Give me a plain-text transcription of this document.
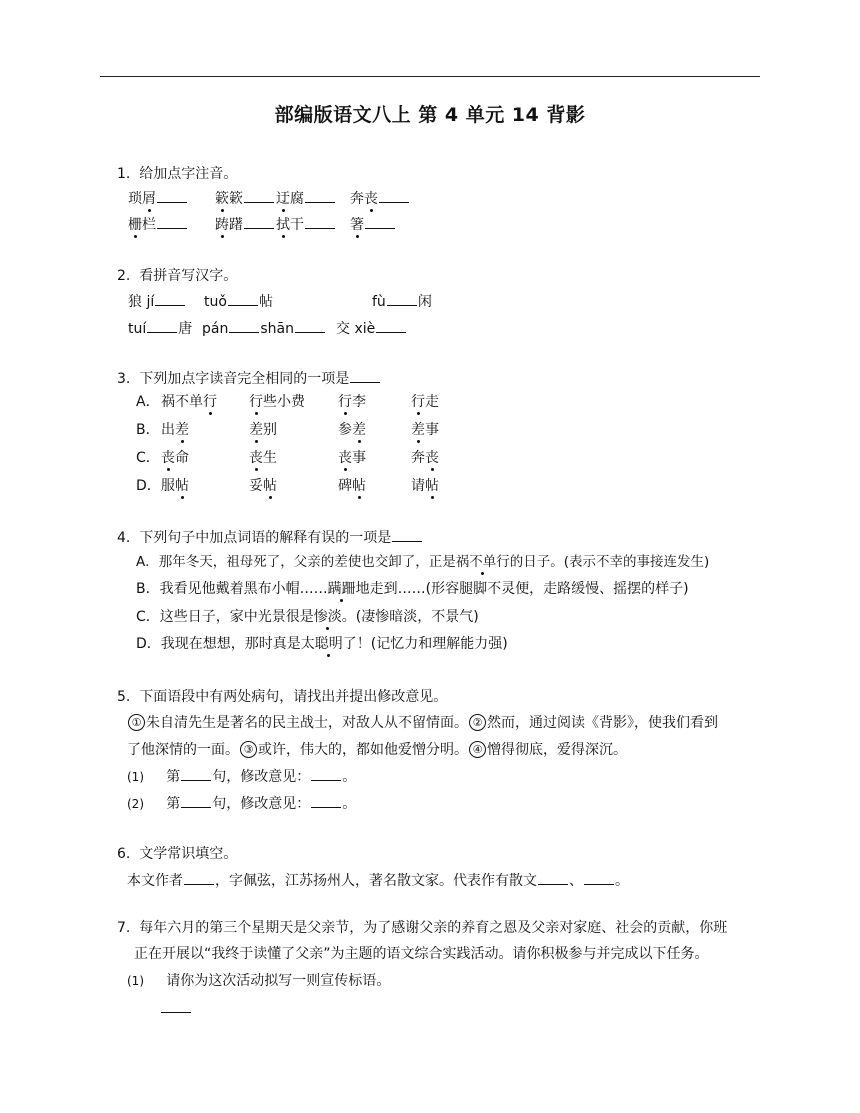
部编版语文八上 第 4 单元 14 背影
1. 给加点字注音。
琐屑	簌簌	迂腐	奔丧
栅栏	踌躇	拭干	箸
2. 看拼音写汉字。
狼 jí	tuǒ 帖	fù 闲
tuí 唐 pán shān	交 xiè
3. 下列加点字读音完全相同的一项是
A． 祸不单行 行些小费 行李	行走
B． 出差	差别	参差	差事
C． 丧命	丧生	丧事	奔丧
D． 服帖	妥帖	碑帖	请帖
4. 下列句子中加点词语的解释有误的一项是
A．那年冬天，祖母死了，父亲的差使也交卸了，正是祸不单行的日子。(表示不幸的事接连发生)
B．我看见他戴着黑布小帽……蹒跚地走到……(形容腿脚不灵便，走路缓慢、摇摆的样子)
C．这些日子，家中光景很是惨淡。(凄惨暗淡，不景气)
D．我现在想想，那时真是太聪明了！(记忆力和理解能力强)
5. 下面语段中有两处病句，请找出并提出修改意见。
① 朱自清先生是著名的民主战士，对敌人从不留情面。 ② 然而，通过阅读《背影》，使我们看到
了他深情的一面。 ③ 或许，伟大的，都如他爱憎分明。 ④ 憎得彻底，爱得深沉。
(1) 第 句，修改意见： 。
(2) 第 句，修改意见： 。
6. 文学常识填空。
本文作者 ，字佩弦，江苏扬州人，著名散文家。代表作有散文 、 。
7. 每年六月的第三个星期天是父亲节，为了感谢父亲的养育之恩及父亲对家庭、社会的贡献，你班
正在开展以“我终于读懂了父亲”为主题的语文综合实践活动。请你积极参与并完成以下任务。
(1) 请你为这次活动拟写一则宣传标语。
